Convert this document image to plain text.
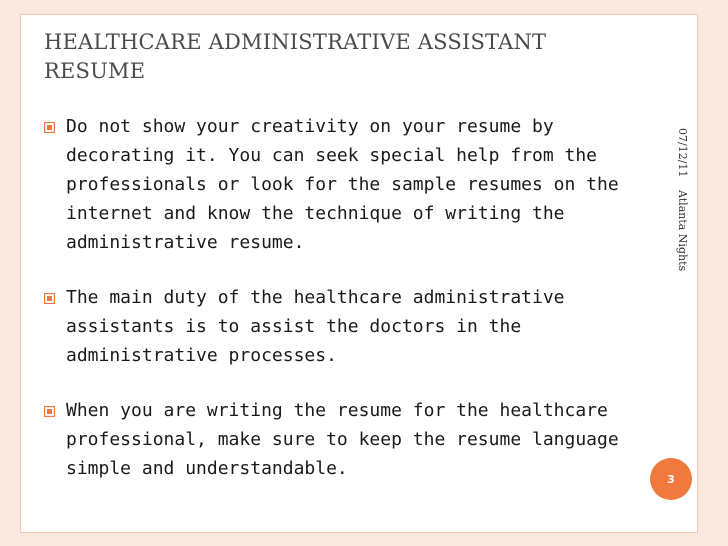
HEALTHCARE ADMINISTRATIVE ASSISTANT RESUME
Do not show your creativity on your resume by decorating it. You can seek special help from the professionals or look for the sample resumes on the internet and know the technique of writing the administrative resume.
The main duty of the healthcare administrative assistants is to assist the doctors in the administrative processes.
When you are writing the resume for the healthcare professional, make sure to keep the resume language simple and understandable.
07/12/11
Atlanta Nights
3
